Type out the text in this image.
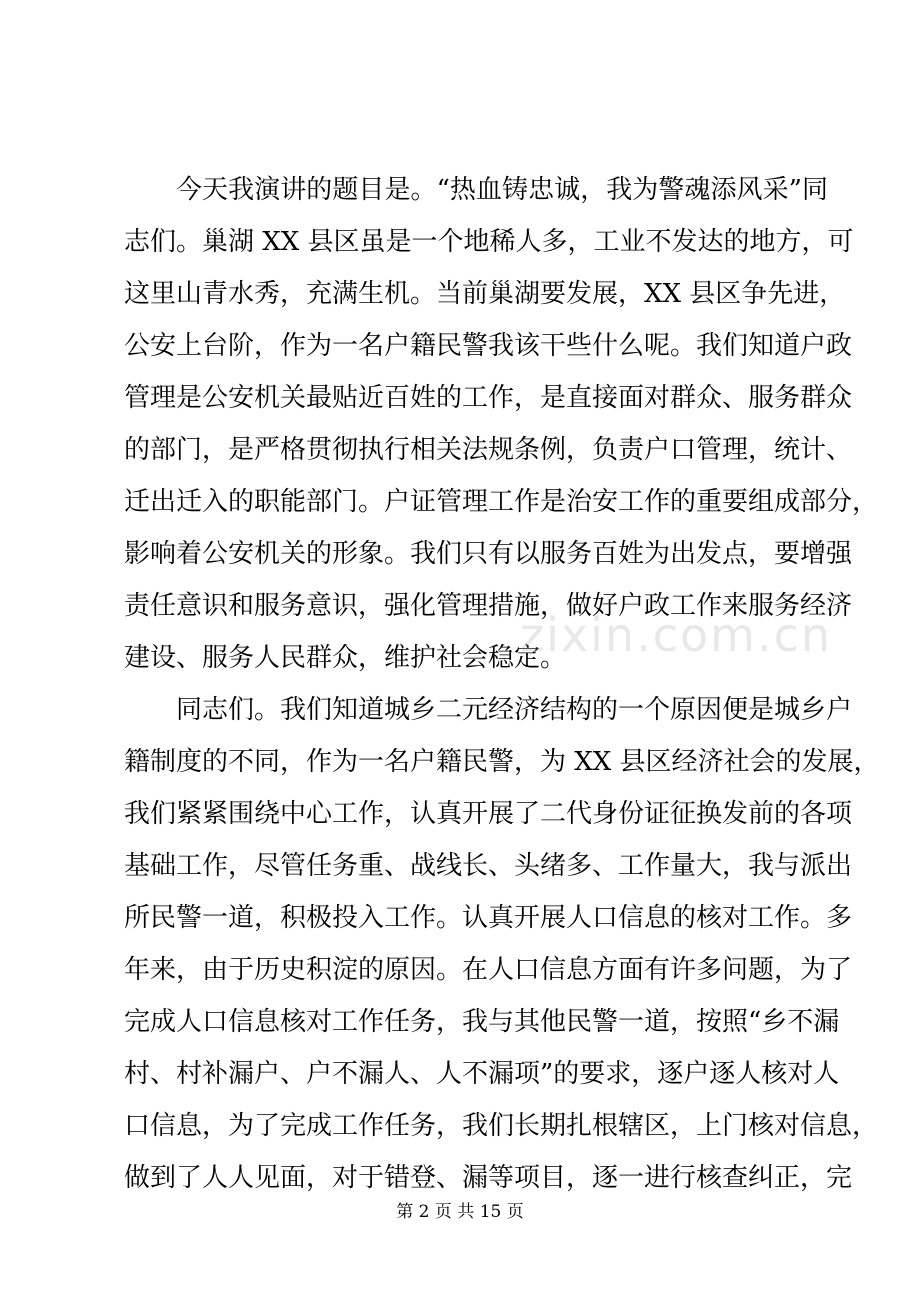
今天我演讲的题目是。“热血铸忠诚，我为警魂添风采”同
志们。巢湖 XX 县区虽是一个地稀人多，工业不发达的地方，可
这里山青水秀，充满生机。当前巢湖要发展，XX 县区争先进，
公安上台阶，作为一名户籍民警我该干些什么呢。我们知道户政
管理是公安机关最贴近百姓的工作，是直接面对群众、服务群众
的部门，是严格贯彻执行相关法规条例，负责户口管理，统计、
迁出迁入的职能部门。户证管理工作是治安工作的重要组成部分，
影响着公安机关的形象。我们只有以服务百姓为出发点，要增强
责任意识和服务意识，强化管理措施，做好户政工作来服务经济
建设、服务人民群众，维护社会稳定。
同志们。我们知道城乡二元经济结构的一个原因便是城乡户
籍制度的不同，作为一名户籍民警，为 XX 县区经济社会的发展，
我们紧紧围绕中心工作，认真开展了二代身份证征换发前的各项
基础工作，尽管任务重、战线长、头绪多、工作量大，我与派出
所民警一道，积极投入工作。认真开展人口信息的核对工作。多
年来，由于历史积淀的原因。在人口信息方面有许多问题，为了
完成人口信息核对工作任务，我与其他民警一道，按照“乡不漏
村、村补漏户、户不漏人、人不漏项”的要求，逐户逐人核对人
口信息，为了完成工作任务，我们长期扎根辖区，上门核对信息，
做到了人人见面，对于错登、漏等项目，逐一进行核查纠正，完
zixin.com.cn
第 2 页 共 15 页
